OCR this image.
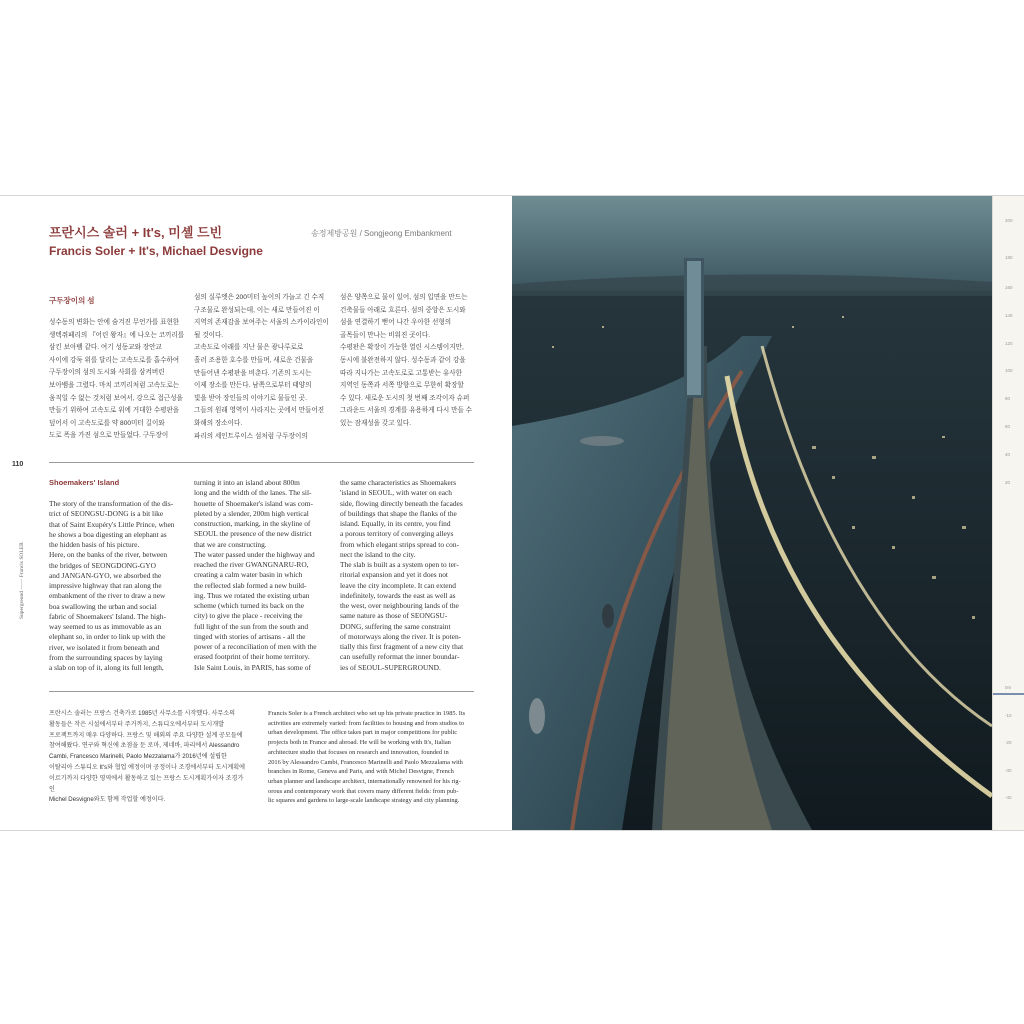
110
Supergreund —— Francis SOLER
프란시스 솔러 + It's, 미셸 드빈
Francis Soler + It's, Michael Desvigne
송정제방공원 / Songjeong Embankment
구두장이의 섬

성수동의 변화는 안에 숨겨진 무언가를 표현한

생텍쥐페리의 『어린 왕자』에 나오는 코끼리를

삼킨 보아뱀 같다. 여기 성동교와 장안교

사이에 강둑 위를 달리는 고속도로를 흡수하여

구두장이의 섬의 도시와 사회를 삼켜버린

보아뱀을 그렸다. 마치 코끼리처럼 고속도로는

움직일 수 없는 것처럼 보여서, 강으로 접근성을

만들기 위하여 고속도로 위에 거대한 수평판을

덮어서 이 고속도로를 약 800미터 길이와

도로 폭을 가진 섬으로 만들었다. 구두장이

섬의 실루엣은 200미터 높이의 가늘고 긴 수직

구조물로 완성되는데, 이는 새로 만들어진 이

지역의 존재감을 보여주는 서울의 스카이라인이

될 것이다.

고속도로 아래를 지난 물은 광나루로로

흘러 조용한 호수를 만들며, 새로운 건물을

만들어낸 수평판을 비춘다. 기존의 도시는

이제 장소를 만든다. 남쪽으로부터 태양의

빛을 받아 장인들의 이야기로 물들인 곳.

그들의 원래 영역이 사라지는 곳에서 만들어진

화해의 장소이다.

파리의 세인트루이스 섬처럼 구두장이의

섬은 양쪽으로 물이 있어, 섬의 입면을 만드는

건축물들 아래로 흐른다. 섬의 중앙은 도시와

섬을 연결하기 뻗어 나간 우아한 선형의

골목들이 만나는 비워진 곳이다.

수평판은 확장이 가능한 열린 시스템이지만,

동시에 불완전하지 않다. 성수동과 같이 강을

따라 지나가는 고속도로로 고통받는 유사한

지역인 동쪽과 서쪽 방향으로 무한히 확장할

수 있다. 새로운 도시의 첫 번째 조각이자 슈퍼

그라운드 서울의 경계를 유용하게 다시 만들 수

있는 잠재성을 갖고 있다.

Shoemakers' Island

The story of the transformation of the dis-

trict of SEONGSU-DONG is a bit like

that of Saint Exupéry's Little Prince, when

he shows a boa digesting an elephant as

the hidden basis of his picture.

Here, on the banks of the river, between

the bridges of SEONGDONG-GYO

and JANGAN-GYO, we absorbed the

impressive highway that ran along the

embankment of the river to draw a new

boa swallowing the urban and social

fabric of Shoemakers' Island. The high-

way seemed to us as immovable as an

elephant so, in order to link up with the

river, we isolated it from beneath and

from the surrounding spaces by laying

a slab on top of it, along its full length,

turning it into an island about 800m

long and the width of the lanes. The sil-

houette of Shoemaker's island was com-

pleted by a slender, 200m high vertical

construction, marking, in the skyline of

SEOUL the presence of the new district

that we are constructing.

The water passed under the highway and

reached the river GWANGNARU-RO,

creating a calm water basin in which

the reflected slab formed a new build-

ing. Thus we rotated the existing urban

scheme (which turned its back on the

city) to give the place - receiving the

full light of the sun from the south and

tinged with stories of artisans - all the

power of a reconciliation of men with the

erased footprint of their home territory.

Isle Saint Louis, in PARIS, has some of

the same characteristics as Shoemakers

'island in SEOUL, with water on each

side, flowing directly beneath the facades

of buildings that shape the flanks of the

island. Equally, in its centre, you find

a porous territory of converging alleys

from which elegant strips spread to con-

nect the island to the city.

The slab is built as a system open to ter-

ritorial expansion and yet it does not

leave the city incomplete. It can extend

indefinitely, towards the east as well as

the west, over neighbouring lands of the

same nature as those of SEONGSU-

DONG, suffering the same constraint

of motorways along the river. It is poten-

tially this first fragment of a new city that

can usefully reformat the inner boundar-

ies of SEOUL-SUPERGROUND.

프란시스 솔러는 프랑스 건축가로 1985년 사무소를 시작했다. 사무소의

활동들은 작은 시설에서부터 주거까지, 스튜디오에서부터 도시개발

프로젝트까지 매우 다양하다. 프랑스 및 해외의 주요 다양한 설계 공모들에

참여해왔다. 연구와 혁신에 초점을 둔 로마, 제네바, 파리에서 Alessandro

Cambi, Francesco Marinelli, Paolo Mezzalama가 2016년에 설립한

이탈리아 스튜디오 It's와 협업 예정이며 공정이나 조경에서부터 도시계획에

이르기까지 다양한 영역에서 활동하고 있는 프랑스 도시계획가이자 조경가인

Michel Desvigne와도 함께 작업할 예정이다.

Francis Soler is a French architect who set up his private practice in 1985. Its

activities are extremely varied: from facilities to housing and from studios to

urban development. The office takes part in major competitions for public

projects both in France and abroad. He will be working with It's, Italian

architecture studio that focuses on research and innovation, founded in

2016 by Alessandro Cambi, Francesco Marinelli and Paolo Mezzalama with

branches in Rome, Geneva and Paris, and with Michel Desvigne, French

urban planner and landscape architect, internationally renowned for his rig-

orous and contemporary work that covers many different fields: from pub-

lic squares and gardens to large-scale landscape strategy and city planning.

200
180
160
140
120
100
80
60
40
20
0m
-10
-20
-30
-40
